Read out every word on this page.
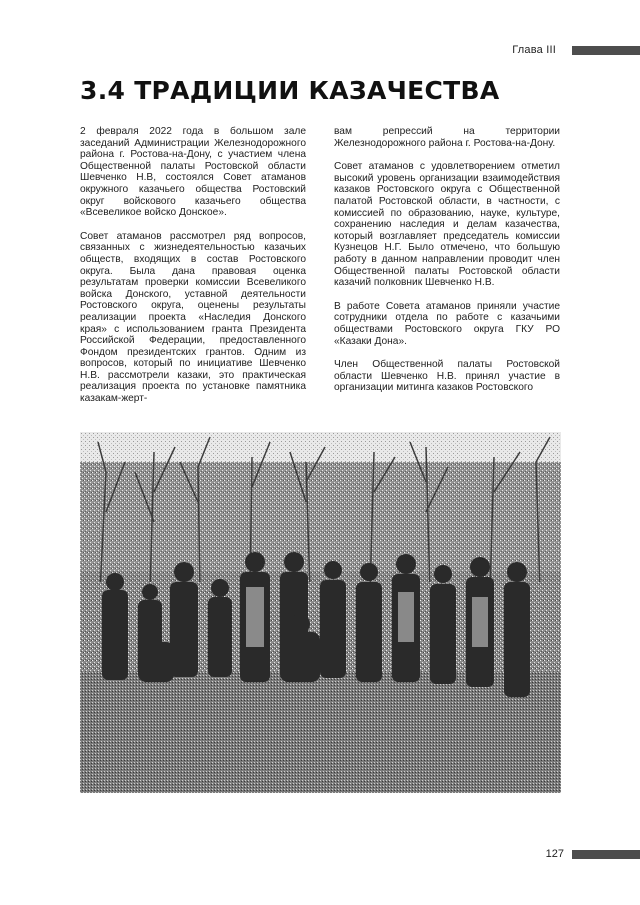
Глава III
3.4 ТРАДИЦИИ КАЗАЧЕСТВА

2 февраля 2022 года в большом зале заседаний Администрации Железнодорожного района г. Ростова-на-Дону, с участием члена Общественной палаты Ростовской области Шевченко Н.В, состоялся Совет атаманов окружного казачьего общества Ростовский округ войскового казачьего общества «Всевеликое войско Донское».

Совет атаманов рассмотрел ряд вопросов, связанных с жизнедеятельностью казачьих обществ, входящих в состав Ростовского округа. Была дана правовая оценка результатам проверки комиссии Всевеликого войска Донского, уставной деятельности Ростовского округа, оценены результаты реализации проекта «Наследия Донского края» с использованием гранта Президента Российской Федерации, предоставленного Фондом президентских грантов. Одним из вопросов, который по инициативе Шевченко Н.В. рассмотрели казаки, это практическая реализация проекта по установке памятника казакам-жерт-

вам репрессий на территории Железнодорожного района г. Ростова-на-Дону.

Совет атаманов с удовлетворением отметил высокий уровень организации взаимодействия казаков Ростовского округа с Общественной палатой Ростовской области, в частности, с комиссией по образованию, науке, культуре, сохранению наследия и делам казачества, который возглавляет председатель комиссии Кузнецов Н.Г. Было отмечено, что большую работу в данном направлении проводит член Общественной палаты Ростовской области казачий полковник Шевченко Н.В.

В работе Совета атаманов приняли участие сотрудники отдела по работе с казачьими обществами Ростовского округа ГКУ РО «Казаки Дона».

Член Общественной палаты Ростовской области Шевченко Н.В. принял участие в организации митинга казаков Ростовского

127
